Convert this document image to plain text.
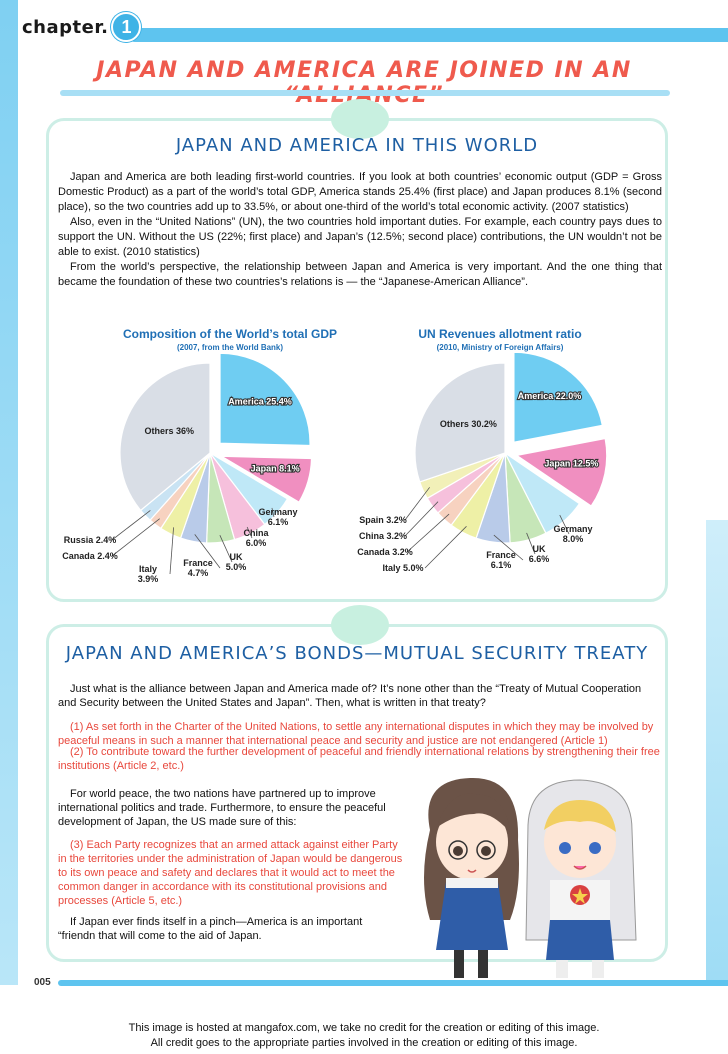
chapter. 1
JAPAN AND AMERICA ARE JOINED IN AN
JAPAN AND AMERICA IN THIS WORLD

Japan and America are both leading first-world countries. If you look at both countries’ economic output (GDP = Gross Domestic Product) as a part of the world’s total GDP, America stands 25.4% (first place) and Japan produces 8.1% (second place), so the two countries add up to 33.5%, or about one-third of the world’s total economic activity. (2007 statistics)

Also, even in the “United Nations” (UN), the two countries hold important duties. For example, each country pays dues to support the UN. Without the US (22%; first place) and Japan’s (12.5%; second place) contributions, the UN wouldn’t not be able to exist. (2010 statistics)

From the world’s perspective, the relationship between Japan and America is very important. And the one thing that became the foundation of these two countries’s relations is — the “Japanese-American Alliance”.

Composition of the World’s total GDP
(2007, from the World Bank)
America 25.4%
Japan 8.1%
Germany 6.1%
China 6.0%
UK 5.0%
France 4.7%
Italy 3.9%
Canada 2.4%
Russia 2.4%
Others 36%
UN Revenues allotment ratio
(2010, Ministry of Foreign Affairs)
America 22.0%
Japan 12.5%
Germany 8.0%
UK 6.6%
France 6.1%
Italy 5.0%
Canada 3.2%
China 3.2%
Spain 3.2%
Others 30.2%
JAPAN AND AMERICA’S BONDS—MUTUAL SECURITY TREATY
Just what is the alliance between Japan and America made of? It’s none other than the “Treaty of Mutual Cooperation and Security between the United States and Japan”. Then, what is written in that treaty?
(1) As set forth in the Charter of the United Nations, to settle any international disputes in which they may be involved by peaceful means in such a manner that international peace and security and justice are not endangered (Article 1)
(2) To contribute toward the further development of peaceful and friendly international relations by strengthening their free institutions (Article 2, etc.)
For world peace, the two nations have partnered up to improve international politics and trade. Furthermore, to ensure the peaceful development of Japan, the US made sure of this:
(3) Each Party recognizes that an armed attack against either Party in the territories under the administration of Japan would be dangerous to its own peace and safety and declares that it would act to meet the common danger in accordance with its constitutional provisions and processes (Article 5, etc.)
If Japan ever finds itself in a pinch—America is an important “friendn that will come to the aid of Japan.
005
This image is hosted at mangafox.com, we take no credit for the creation or editing of this image.
All credit goes to the appropriate parties involved in the creation or editing of this image.
